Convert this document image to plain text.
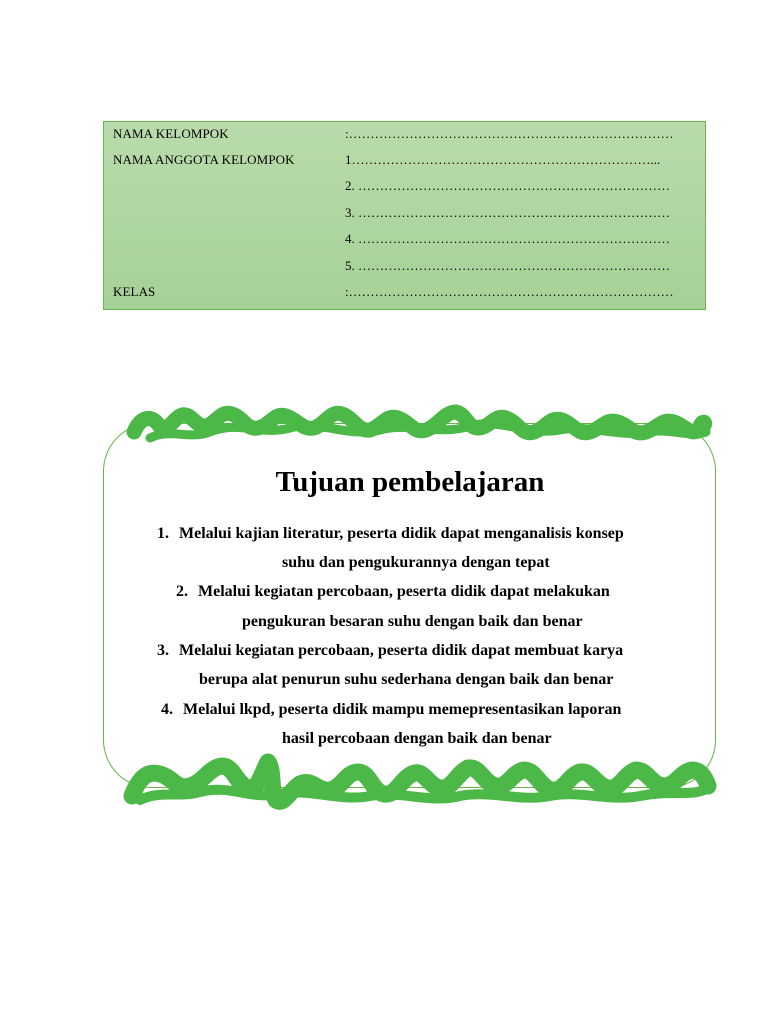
NAMA KELOMPOK	:…………………………………………………………………
NAMA ANGGOTA KELOMPOK	1……………………………………………………………...
2. ………………………………………………………………
3. ………………………………………………………………
4. ………………………………………………………………
5. ………………………………………………………………
KELAS	:…………………………………………………………………
Tujuan pembelajaran
1. Melalui kajian literatur, peserta didik dapat menganalisis konsep
suhu dan pengukurannya dengan tepat
2. Melalui kegiatan percobaan, peserta didik dapat melakukan
pengukuran besaran suhu dengan baik dan benar
3. Melalui kegiatan percobaan, peserta didik dapat membuat karya
berupa alat penurun suhu sederhana dengan baik dan benar
4. Melalui lkpd, peserta didik mampu memepresentasikan laporan
hasil percobaan dengan baik dan benar
